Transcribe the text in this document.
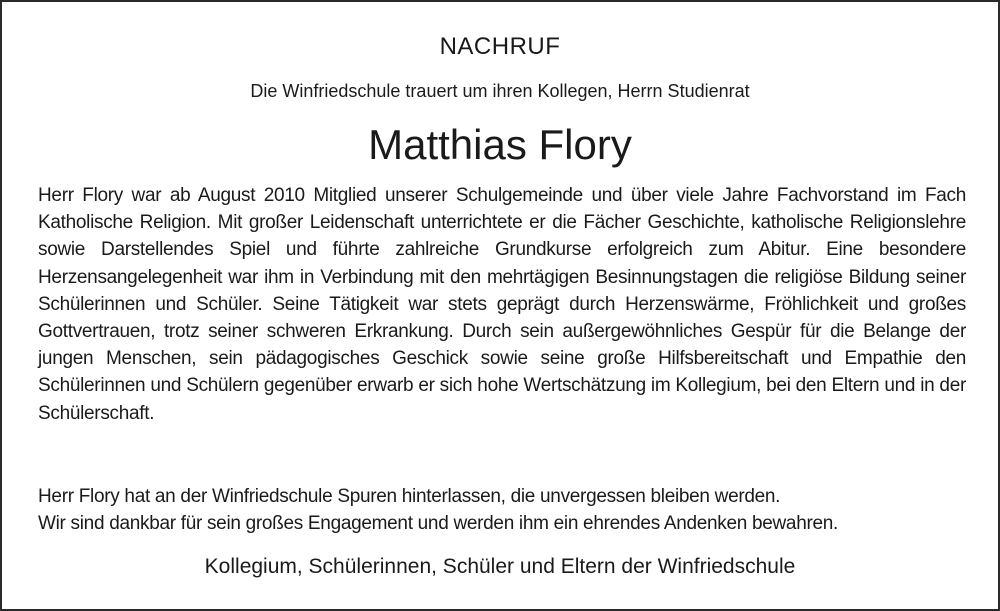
NACHRUF
Die Winfriedschule trauert um ihren Kollegen, Herrn Studienrat
Matthias Flory

Herr Flory war ab August 2010 Mitglied unserer Schulgemeinde und über viele Jahre Fachvorstand im Fach Katholische Religion. Mit großer Leidenschaft unterrichtete er die Fächer Geschichte, katholische Religionslehre sowie Darstellendes Spiel und führte zahlreiche Grundkurse erfolgreich zum Abitur. Eine besondere Herzensangelegenheit war ihm in Verbindung mit den mehrtägigen Besinnungstagen die religiöse Bildung seiner Schülerinnen und Schüler. Seine Tätigkeit war stets geprägt durch Herzenswärme, Fröhlichkeit und großes Gottvertrauen, trotz seiner schweren Erkrankung. Durch sein außergewöhnliches Gespür für die Belange der jungen Menschen, sein pädagogisches Geschick sowie seine große Hilfsbereitschaft und Empathie den Schülerinnen und Schülern gegenüber erwarb er sich hohe Wertschätzung im Kollegium, bei den Eltern und in der Schülerschaft.

Herr Flory hat an der Winfriedschule Spuren hinterlassen, die unvergessen bleiben werden.
Wir sind dankbar für sein großes Engagement und werden ihm ein ehrendes Andenken bewahren.

Kollegium, Schülerinnen, Schüler und Eltern der Winfriedschule
